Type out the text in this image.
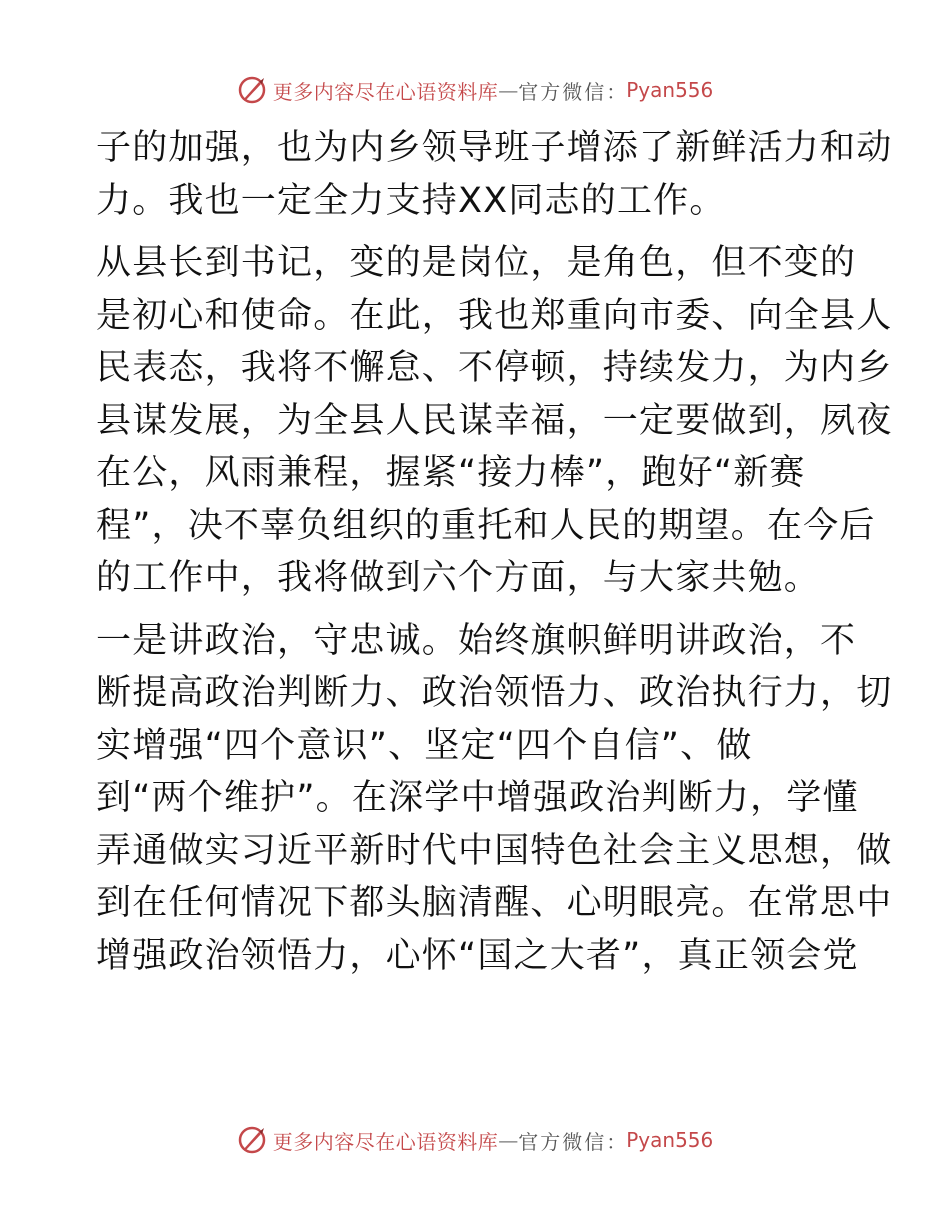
更多内容尽在心语资料库 — 官方微信 ： Pyan556

子的加强，也为内乡领导班子增添了新鲜活力和动
力。我也一定全力支持XX同志的工作。

从县长到书记，变的是岗位，是角色，但不变的
是初心和使命。在此，我也郑重向市委、向全县人
民表态，我将不懈怠、不停顿，持续发力，为内乡
县谋发展，为全县人民谋幸福，一定要做到，夙夜
在公，风雨兼程，握紧“接力棒”，跑好“新赛
程”，决不辜负组织的重托和人民的期望。在今后
的工作中，我将做到六个方面，与大家共勉。

一是讲政治，守忠诚。始终旗帜鲜明讲政治，不
断提高政治判断力、政治领悟力、政治执行力，切
实增强“四个意识”、坚定“四个自信”、做
到“两个维护”。在深学中增强政治判断力，学懂
弄通做实习近平新时代中国特色社会主义思想，做
到在任何情况下都头脑清醒、心明眼亮。在常思中
增强政治领悟力，心怀“国之大者”，真正领会党

更多内容尽在心语资料库 — 官方微信 ： Pyan556
